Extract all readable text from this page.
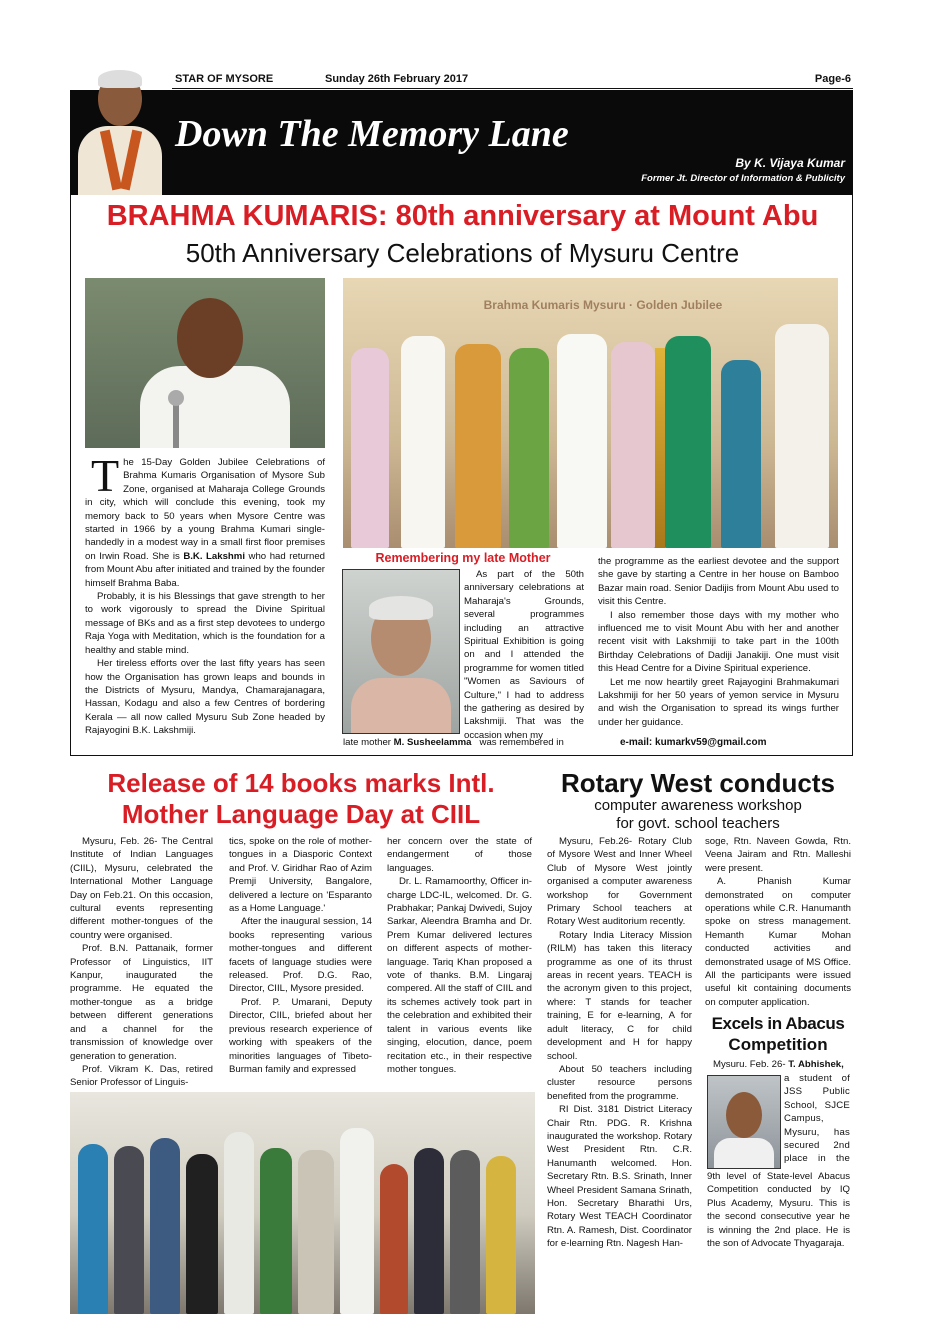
STAR OF MYSORE	Sunday 26th February 2017	Page-6
Down The Memory Lane
By K. Vijaya Kumar
Former Jt. Director of Information & Publicity
BRAHMA KUMARIS: 80th anniversary at Mount Abu
50th Anniversary Celebrations of Mysuru Centre
Brahma Kumaris Mysuru · Golden Jubilee
T he 15-Day Golden Jubilee Celebrations of Brahma Kumaris Organisation of Mysore Sub Zone, organised at Maharaja College Grounds in city, which will conclude this evening, took my memory back to 50 years when Mysore Centre was started in 1966 by a young Brahma Kumari single-handedly in a modest way in a small first floor premises on Irwin Road. She is B.K. Lakshmi who had returned from Mount Abu after initiated and trained by the founder himself Brahma Baba.

Probably, it is his Blessings that gave strength to her to work vigorously to spread the Divine Spiritual message of BKs and as a first step devotees to undergo Raja Yoga with Meditation, which is the foundation for a healthy and stable mind.

Her tireless efforts over the last fifty years has seen how the Organisation has grown leaps and bounds in the Districts of Mysuru, Mandya, Chamarajanagara, Hassan, Kodagu and also a few Centres of bordering Kerala — all now called Mysuru Sub Zone headed by Rajayogini B.K. Lakshmiji.

Remembering my late Mother

As part of the 50th anniversary celebrations at Maharaja's Grounds, several programmes including an attractive Spiritual Exhibition is going on and I attended the programme for women titled "Women as Saviours of Culture," I had to address the gathering as desired by Lakshmiji. That was the occasion when my

late mother M. Susheelamma was remembered in

the programme as the earliest devotee and the support she gave by starting a Centre in her house on Bamboo Bazar main road. Senior Dadijis from Mount Abu used to visit this Centre.

I also remember those days with my mother who influenced me to visit Mount Abu with her and another recent visit with Lakshmiji to take part in the 100th Birthday Celebrations of Dadiji Janakiji. One must visit this Head Centre for a Divine Spiritual experience.

Let me now heartily greet Rajayogini Brahmakumari Lakshmiji for her 50 years of yemon service in Mysuru and wish the Organisation to spread its wings further under her guidance.

e-mail: kumarkv59@gmail.com
Release of 14 books marks Intl.
Mother Language Day at CIIL

Mysuru, Feb. 26- The Central Institute of Indian Languages (CIIL), Mysuru, celebrated the International Mother Language Day on Feb.21. On this occasion, cultural events representing different mother-tongues of the country were organised.

Prof. B.N. Pattanaik, former Professor of Linguistics, IIT Kanpur, inaugurated the programme. He equated the mother-tongue as a bridge between different generations and a channel for the transmission of knowledge over generation to generation.

Prof. Vikram K. Das, retired Senior Professor of Linguis-

tics, spoke on the role of mother-tongues in a Diasporic Context and Prof. V. Giridhar Rao of Azim Premji University, Bangalore, delivered a lecture on 'Esparanto as a Home Language.'

After the inaugural session, 14 books representing various mother-tongues and different facets of language studies were released. Prof. D.G. Rao, Director, CIIL, Mysore presided.

Prof. P. Umarani, Deputy Director, CIIL, briefed about her previous research experience of working with speakers of the minorities languages of Tibeto-Burman family and expressed

her concern over the state of endangerment of those languages.

Dr. L. Ramamoorthy, Officer in-charge LDC-IL, welcomed. Dr. G. Prabhakar; Pankaj Dwivedi, Sujoy Sarkar, Aleendra Bramha and Dr. Prem Kumar delivered lectures on different aspects of mother-language. Tariq Khan proposed a vote of thanks. B.M. Lingaraj compered. All the staff of CIIL and its schemes actively took part in the celebration and exhibited their talent in various events like singing, elocution, dance, poem recitation etc., in their respective mother tongues.

Rotary West conducts
computer awareness workshop
for govt. school teachers

Mysuru, Feb.26- Rotary Club of Mysore West and Inner Wheel Club of Mysore West jointly organised a computer awareness workshop for Government Primary School teachers at Rotary West auditorium recently.

Rotary India Literacy Mission (RILM) has taken this literacy programme as one of its thrust areas in recent years. TEACH is the acronym given to this project, where: T stands for teacher training, E for e-learning, A for adult literacy, C for child development and H for happy school.

About 50 teachers including cluster resource persons benefited from the programme.

RI Dist. 3181 District Literacy Chair Rtn. PDG. R. Krishna inaugurated the workshop. Rotary West President Rtn. C.R. Hanumanth welcomed. Hon. Secretary Rtn. B.S. Srinath, Inner Wheel President Samana Srinath, Hon. Secretary Bharathi Urs, Rotary West TEACH Coordinator Rtn. A. Ramesh, Dist. Coordinator for e-learning Rtn. Nagesh Han-

soge, Rtn. Naveen Gowda, Rtn. Veena Jairam and Rtn. Malleshi were present.

A. Phanish Kumar demonstrated on computer operations while C.R. Hanumanth spoke on stress management. Hemanth Kumar Mohan conducted activities and demonstrated usage of MS Office. All the participants were issued useful kit containing documents on computer application.

Excels in Abacus
Competition
Mysuru. Feb. 26- T. Abhishek,

a student of JSS Public School, SJCE Campus, Mysuru, has secured 2nd place in the

9th level of State-level Abacus Competition conducted by IQ Plus Academy, Mysuru. This is the second consecutive year he is winning the 2nd place. He is the son of Advocate Thyagaraja.
